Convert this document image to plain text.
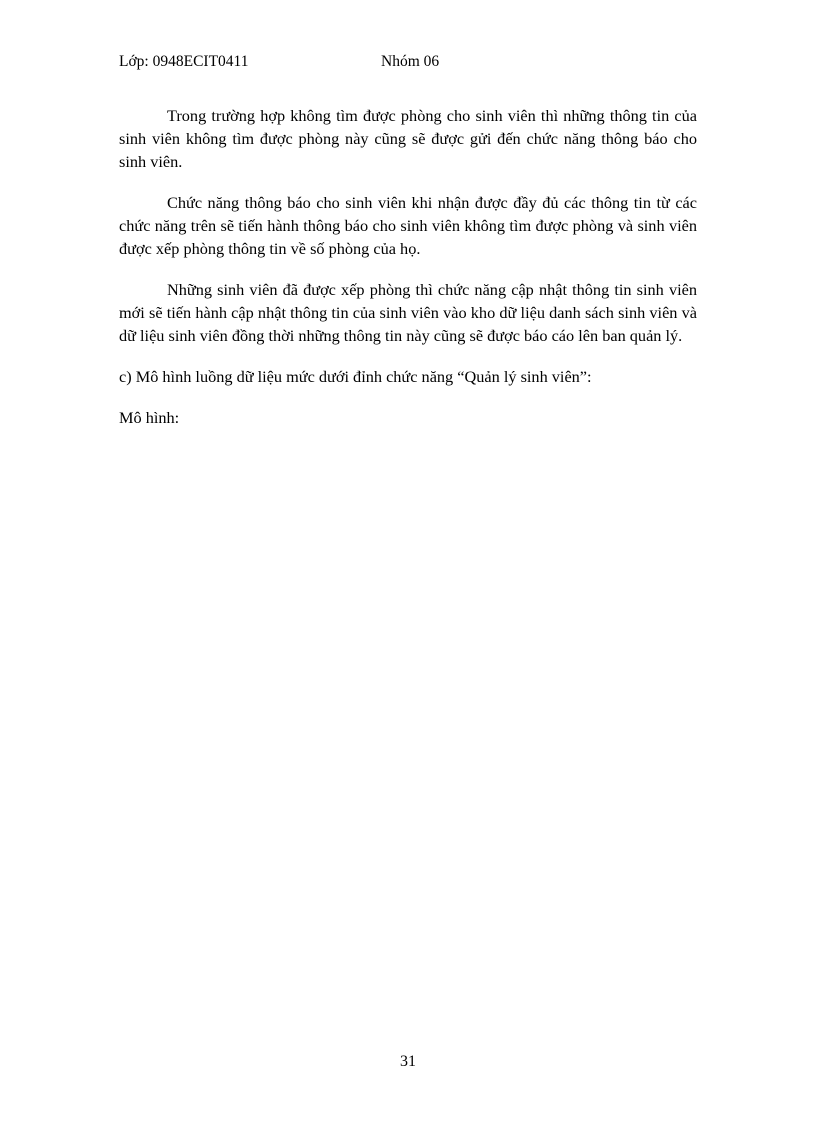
Lớp: 0948ECIT0411	Nhóm 06

Trong trường hợp không tìm được phòng cho sinh viên thì những thông tin của sinh viên không tìm được phòng này cũng sẽ được gửi đến chức năng thông báo cho sinh viên.

Chức năng thông báo cho sinh viên khi nhận được đầy đủ các thông tin từ các chức năng trên sẽ tiến hành thông báo cho sinh viên không tìm được phòng và sinh viên được xếp phòng thông tin về số phòng của họ.

Những sinh viên đã được xếp phòng thì chức năng cập nhật thông tin sinh viên mới sẽ tiến hành cập nhật thông tin của sinh viên vào kho dữ liệu danh sách sinh viên và dữ liệu sinh viên đồng thời những thông tin này cũng sẽ được báo cáo lên ban quản lý.

c) Mô hình luồng dữ liệu mức dưới đỉnh chức năng “Quản lý sinh viên”:

Mô hình:

31
